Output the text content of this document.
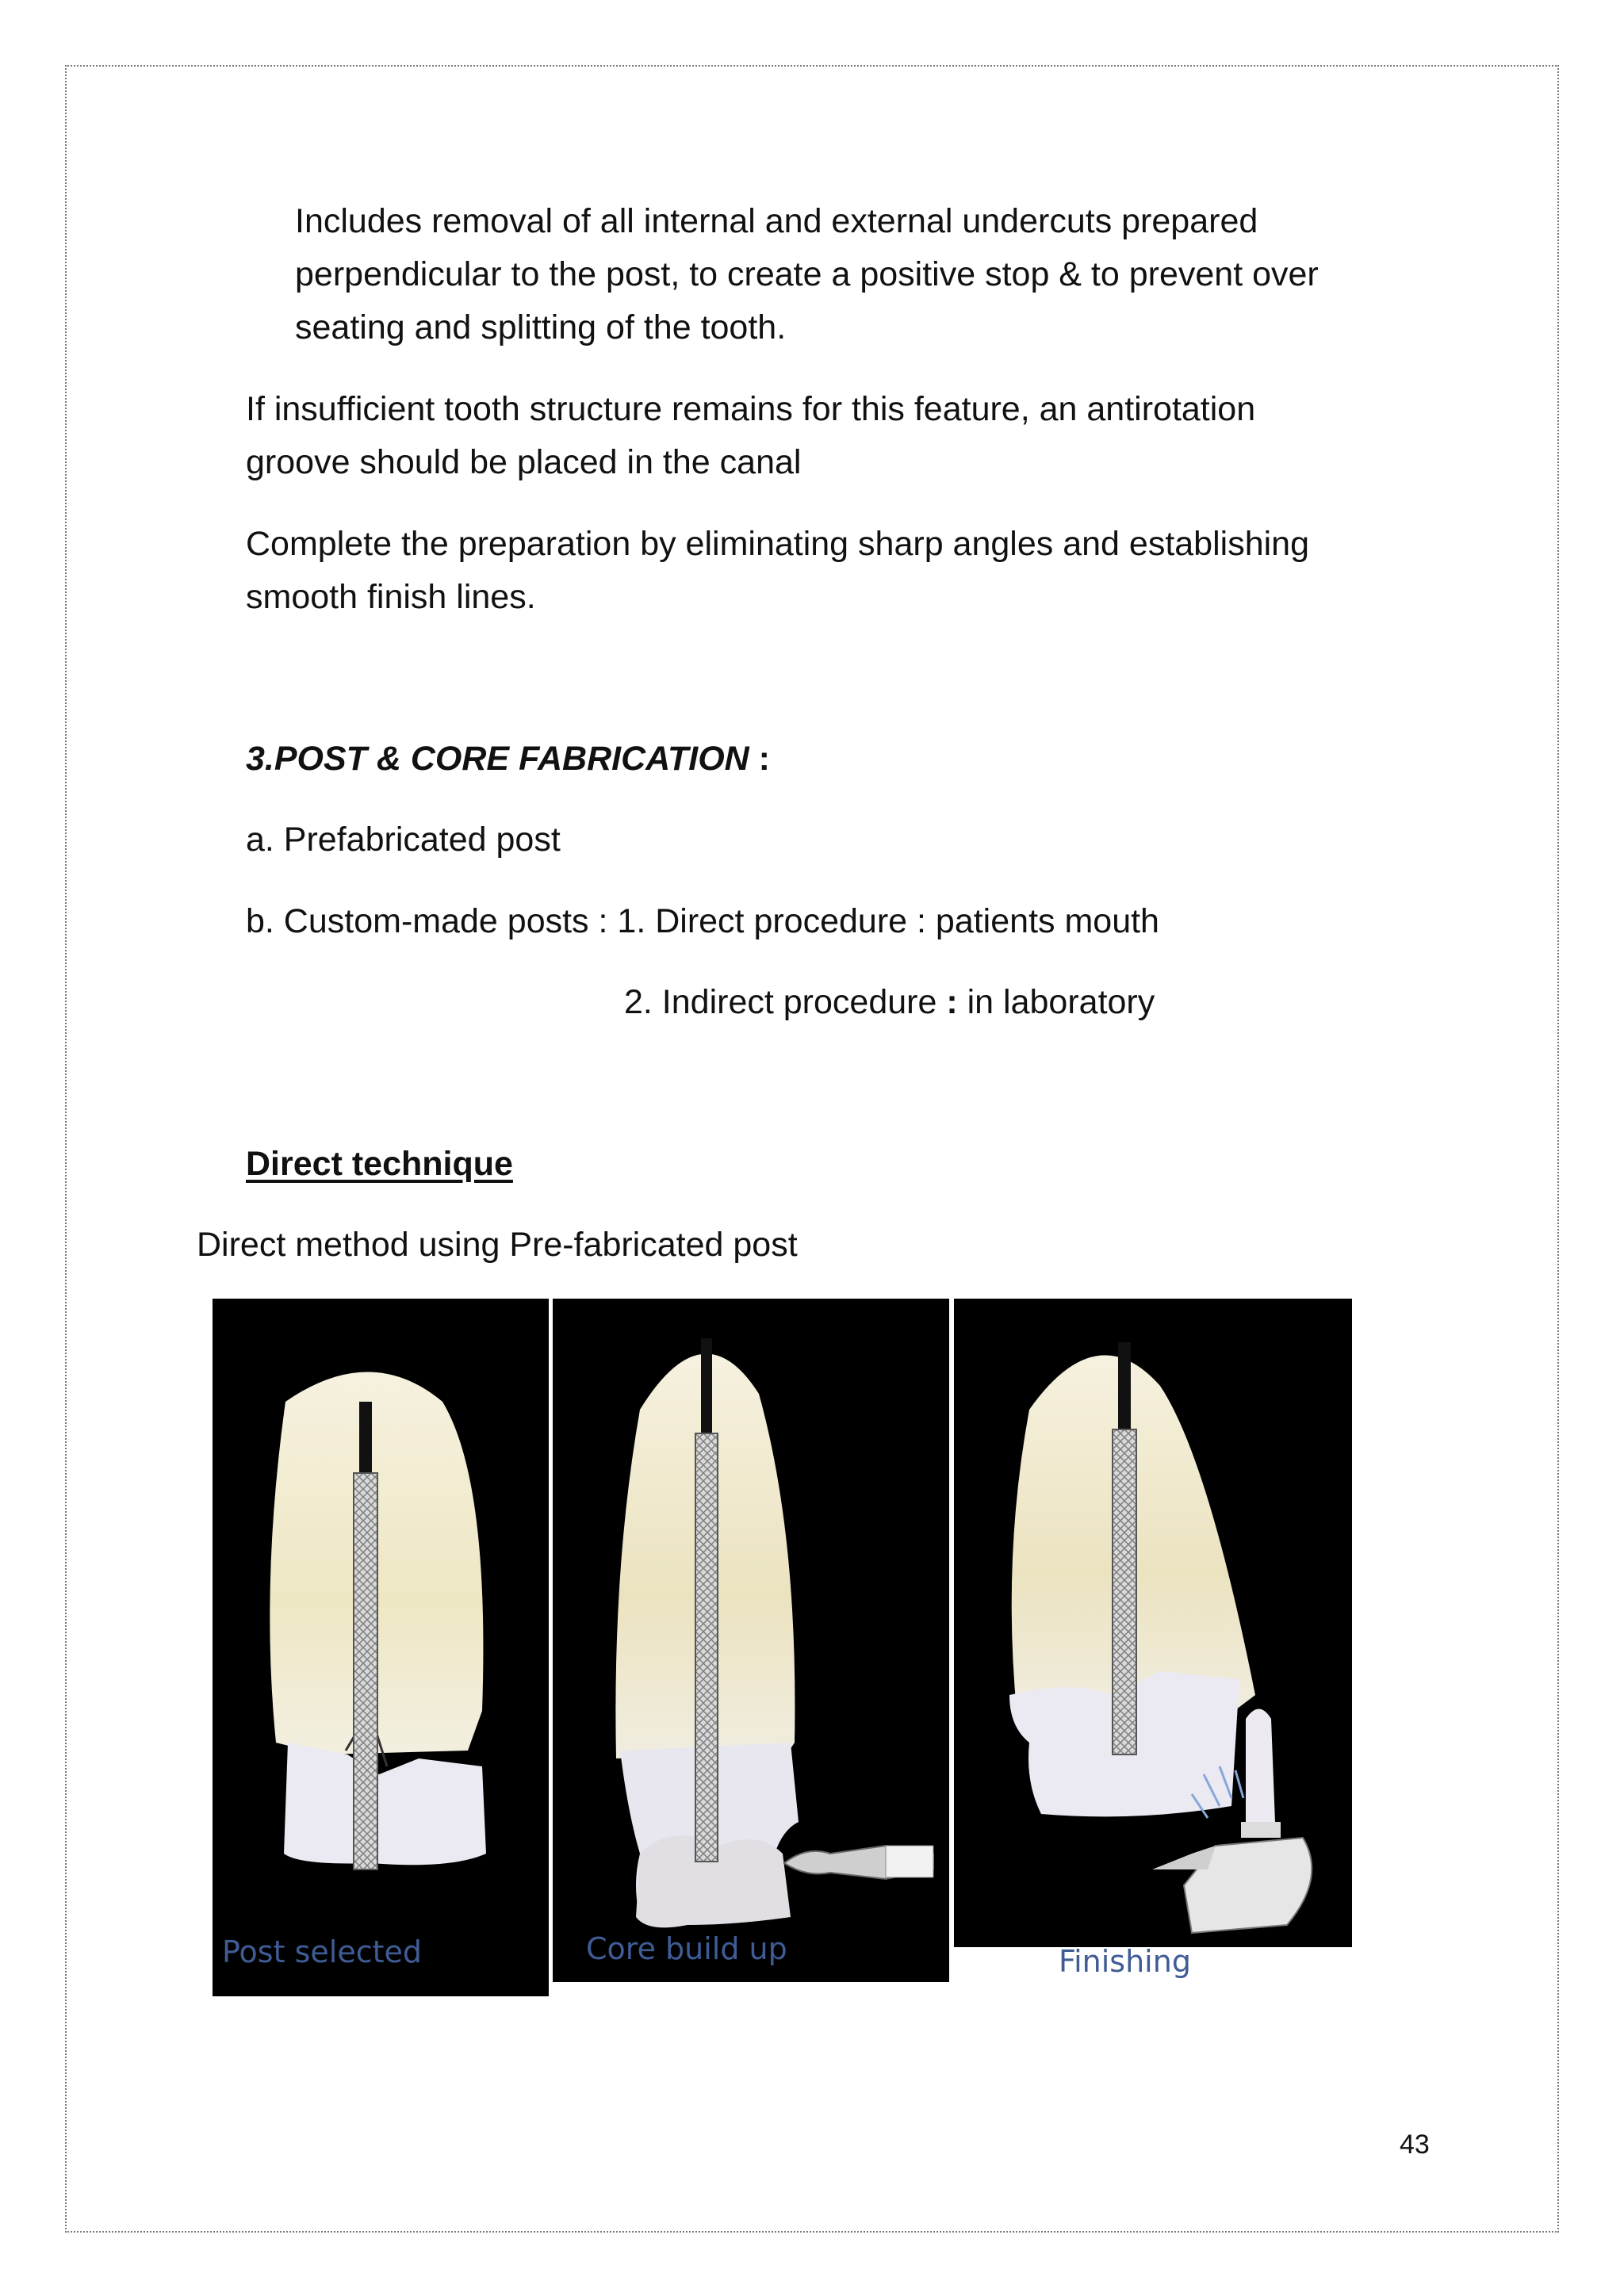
Includes removal of all internal and external undercuts prepared
perpendicular to the post, to create a positive stop & to prevent over
seating and splitting of the tooth.
If insufficient tooth structure remains for this feature, an antirotation
groove should be placed in the canal
Complete the preparation by eliminating sharp angles and establishing
smooth finish lines.
3.POST & CORE FABRICATION :
a. Prefabricated post
b. Custom-made posts : 1. Direct procedure : patients mouth
2. Indirect procedure : in laboratory
Direct technique
Direct method using Pre-fabricated post
Post selected	Core build up	Finishing
43
